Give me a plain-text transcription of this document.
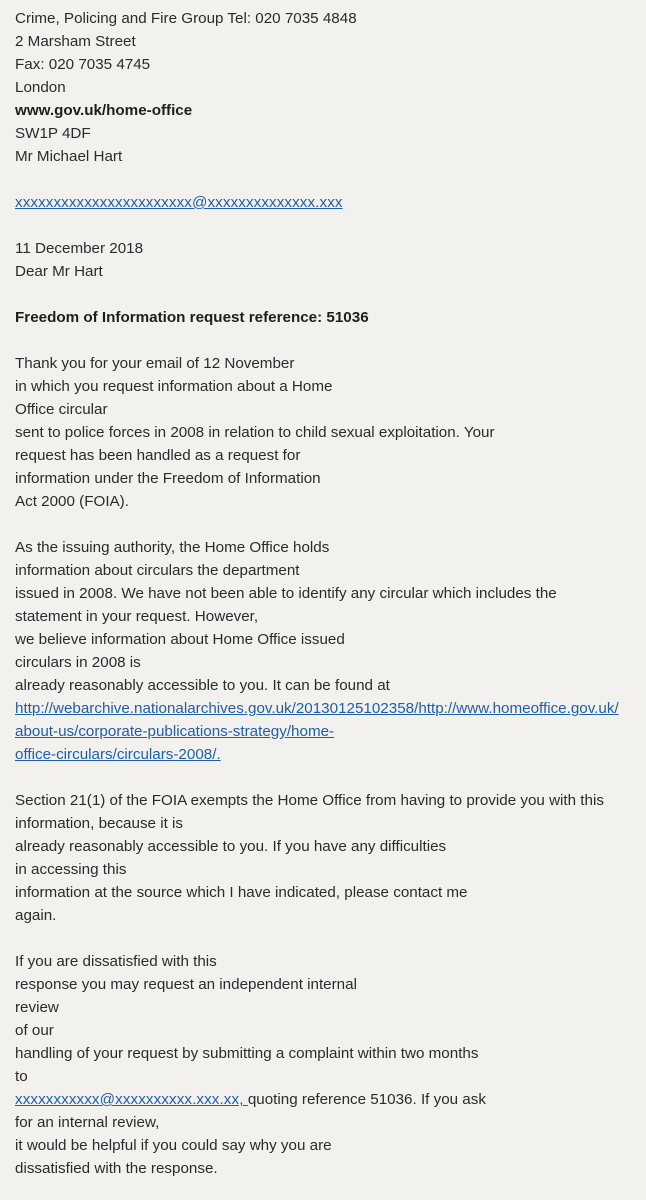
Crime, Policing and Fire Group Tel: 020 7035 4848
2 Marsham Street
Fax: 020 7035 4745
London
www.gov.uk/home-office
SW1P 4DF
Mr Michael Hart
xxxxxxxxxxxxxxxxxxxxxxx@xxxxxxxxxxxxxx.xxx
11 December 2018
Dear Mr Hart
Freedom of Information request reference: 51036
Thank you for your email of 12 November
in which you request information about a Home
Office circular
sent to police forces in 2008 in relation to child sexual exploitation. Your
request has been handled as a request for
information under the Freedom of Information
Act 2000 (FOIA).
As the issuing authority, the Home Office holds
information about circulars the department
issued in 2008. We have not been able to identify any circular which includes the
statement in your request. However,
we believe information about Home Office issued
circulars in 2008 is
already reasonably accessible to you. It can be found at
http://webarchive.nationalarchives.gov.uk/20130125102358/http://www.homeoffice.gov.uk/
about-us/corporate-publications-strategy/home-
office-circulars/circulars-2008/.
Section 21(1) of the FOIA exempts the Home Office from having to provide you with this
information, because it is
already reasonably accessible to you. If you have any difficulties
in accessing this
information at the source which I have indicated, please contact me
again.
If you are dissatisfied with this
response you may request an independent internal
review
of our
handling of your request by submitting a complaint within two months
to
xxxxxxxxxxx@xxxxxxxxxx.xxx.xx, quoting reference 51036. If you ask
for an internal review,
it would be helpful if you could say why you are
dissatisfied with the response.
